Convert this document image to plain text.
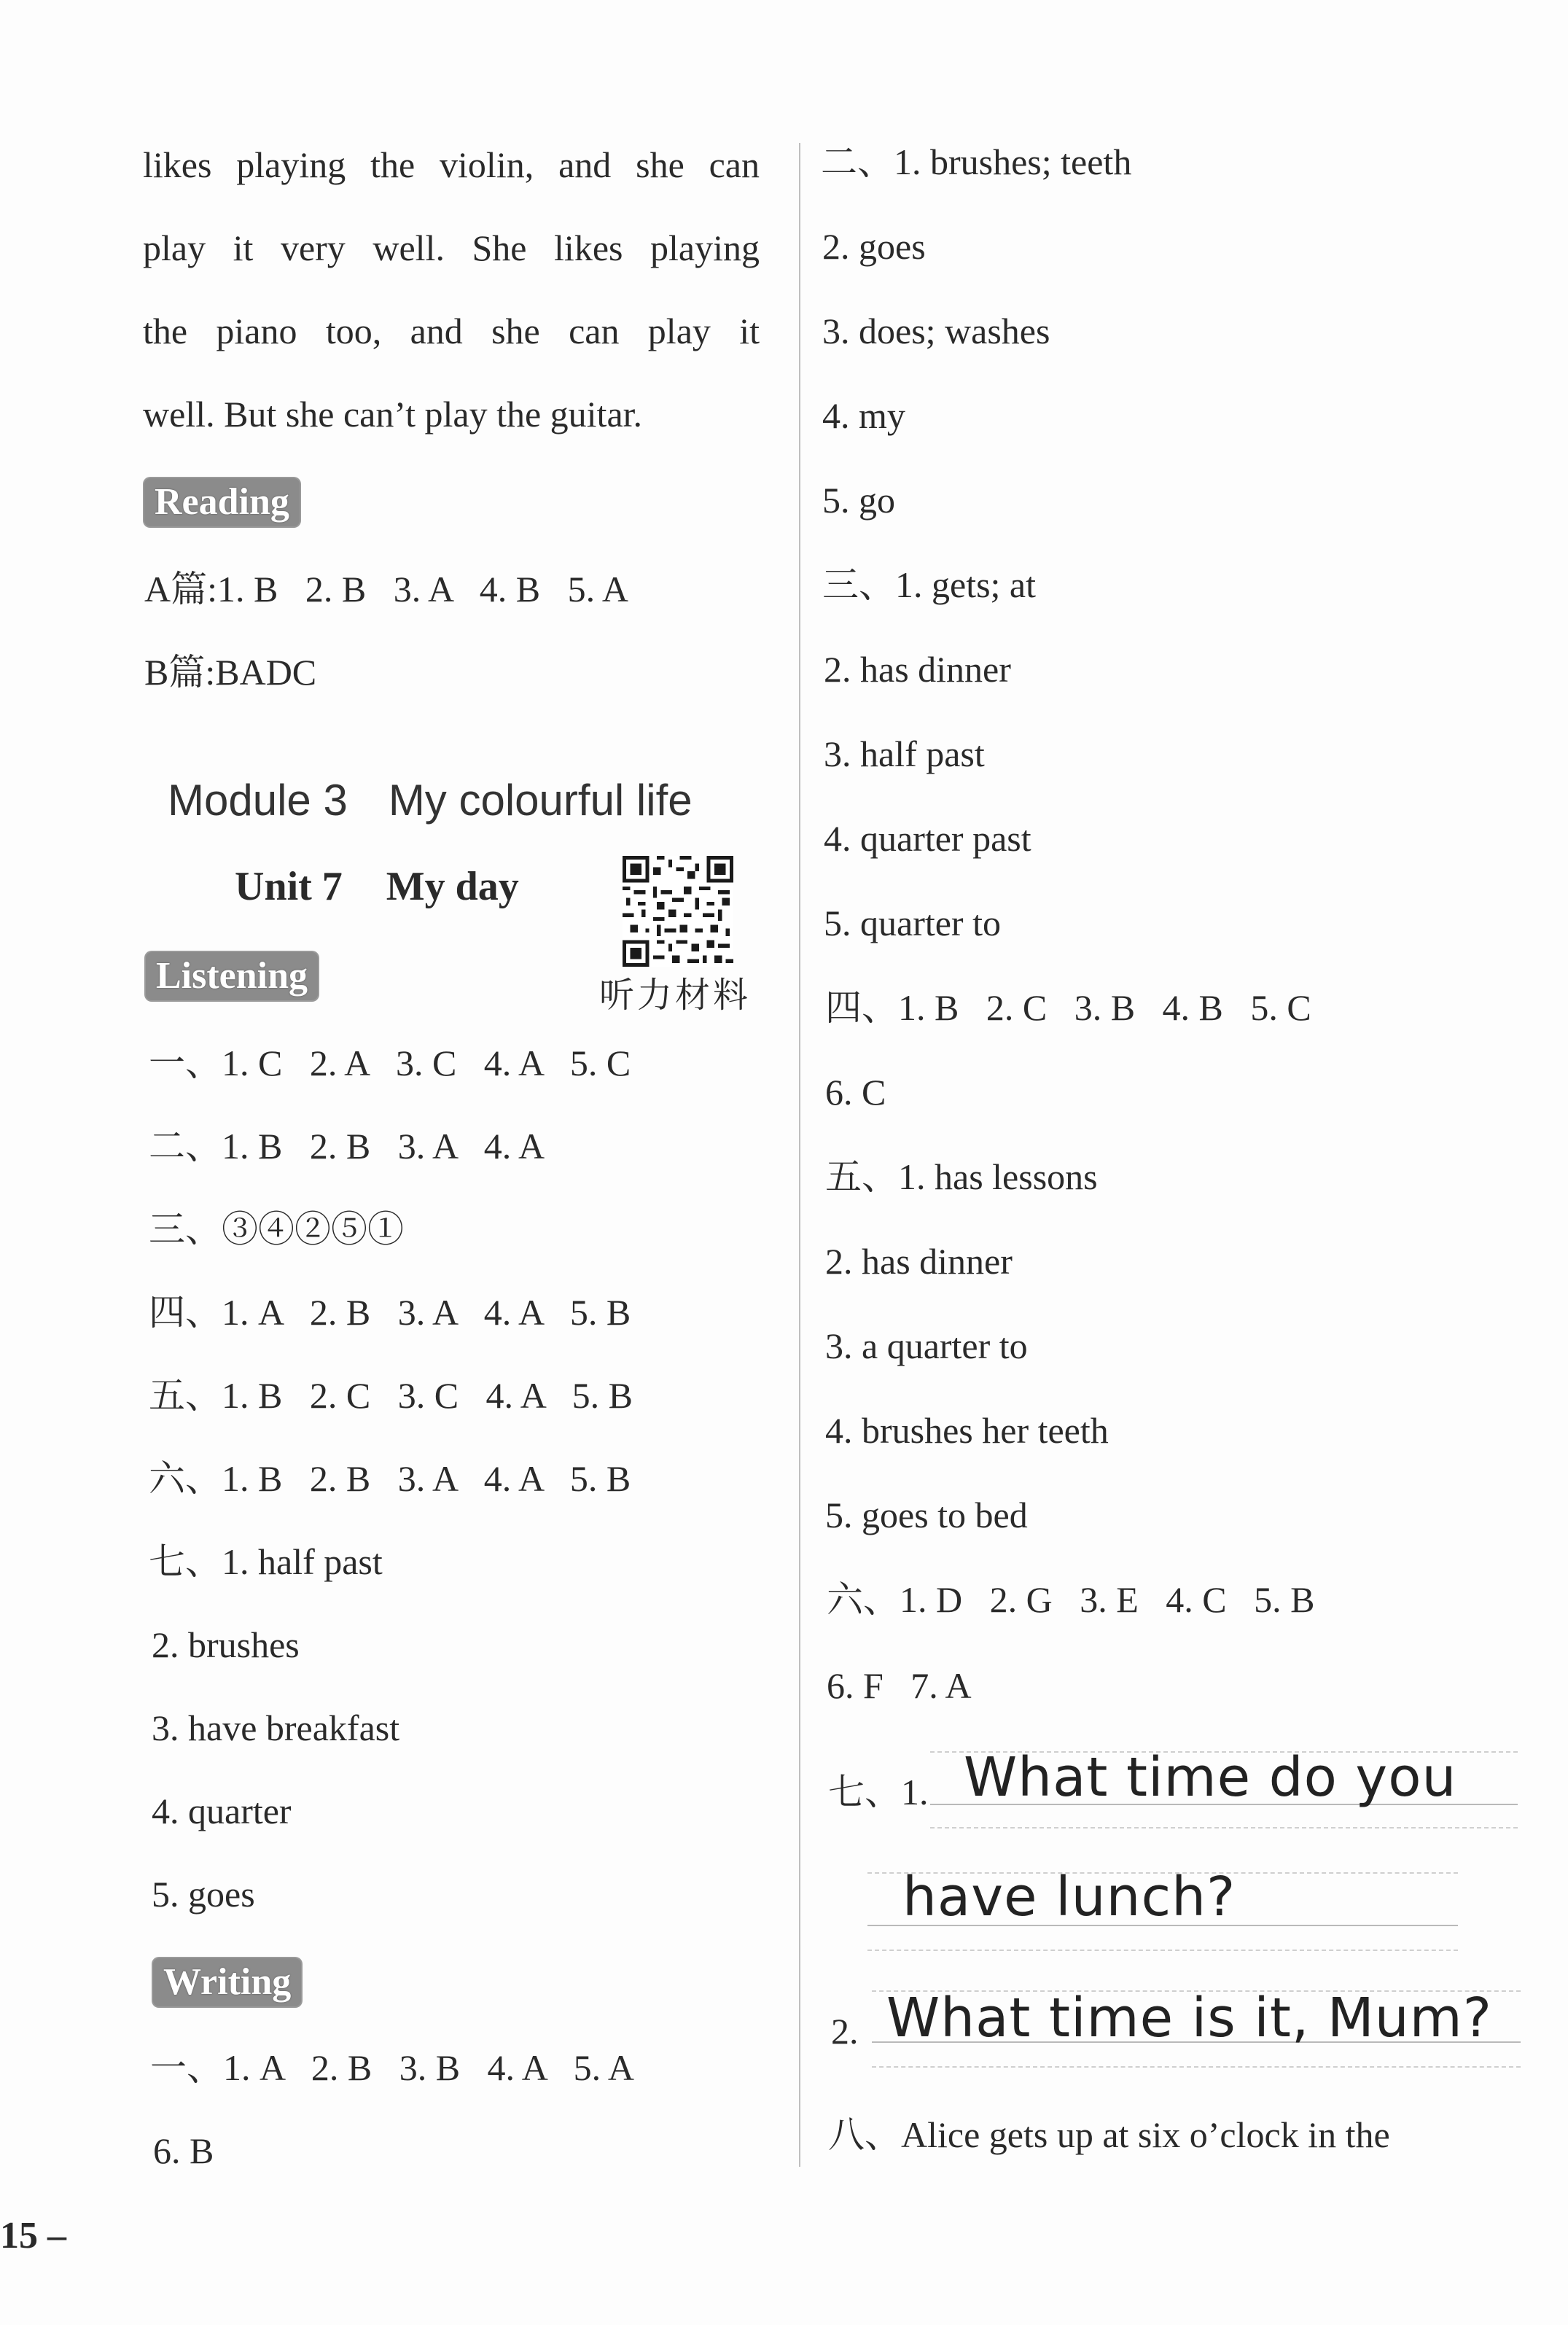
likes playing the violin, and she can
play it very well. She likes playing
the piano too, and she can play it
well. But she can’t play the guitar.
Reading
A篇:1. B   2. B   3. A   4. B   5. A
B篇:BADC
Module 3 My colourful life
Unit 7 My day
听力材料
Listening
一、1. C   2. A   3. C   4. A   5. C
二、1. B   2. B   3. A   4. A
三、③④②⑤①
四、1. A   2. B   3. A   4. A   5. B
五、1. B   2. C   3. C   4. A   5. B
六、1. B   2. B   3. A   4. A   5. B
七、1. half past
2. brushes
3. have breakfast
4. quarter
5. goes
Writing
一、1. A   2. B   3. B   4. A   5. A
6. B
15 –
二、1. brushes; teeth
2. goes
3. does; washes
4. my
5. go
三、1. gets; at
2. has dinner
3. half past
4. quarter past
5. quarter to
四、1. B   2. C   3. B   4. B   5. C
6. C
五、1. has lessons
2. has dinner
3. a quarter to
4. brushes her teeth
5. goes to bed
六、1. D   2. G   3. E   4. C   5. B
6. F   7. A
七、1. What time do you
have lunch?
2. What time is it, Mum?
八、Alice gets up at six o’clock in the
